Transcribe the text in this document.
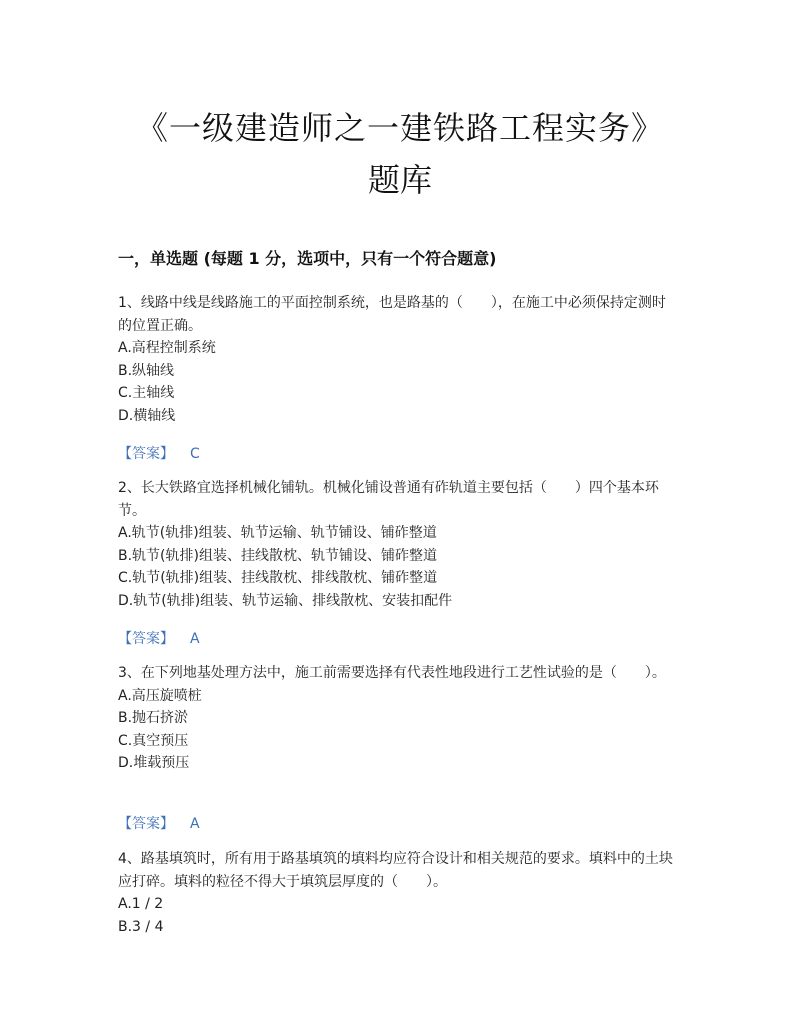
《一级建造师之一建铁路工程实务》
题库
一，单选题 (每题 1 分，选项中，只有一个符合题意)
1、线路中线是线路施工的平面控制系统，也是路基的（　　），在施工中必须保持定测时的位置正确。
A.高程控制系统
B.纵轴线
C.主轴线
D.横轴线
【答案】 C
2、长大铁路宜选择机械化铺轨。机械化铺设普通有砟轨道主要包括（　　）四个基本环节。
A.轨节(轨排)组装、轨节运输、轨节铺设、铺砟整道
B.轨节(轨排)组装、挂线散枕、轨节铺设、铺砟整道
C.轨节(轨排)组装、挂线散枕、排线散枕、铺砟整道
D.轨节(轨排)组装、轨节运输、排线散枕、安装扣配件
【答案】 A
3、在下列地基处理方法中，施工前需要选择有代表性地段进行工艺性试验的是（　　）。
A.高压旋喷桩
B.抛石挤淤
C.真空预压
D.堆载预压
【答案】 A
4、路基填筑时，所有用于路基填筑的填料均应符合设计和相关规范的要求。填料中的土块应打碎。填料的粒径不得大于填筑层厚度的（　　）。
A.1 / 2
B.3 / 4
